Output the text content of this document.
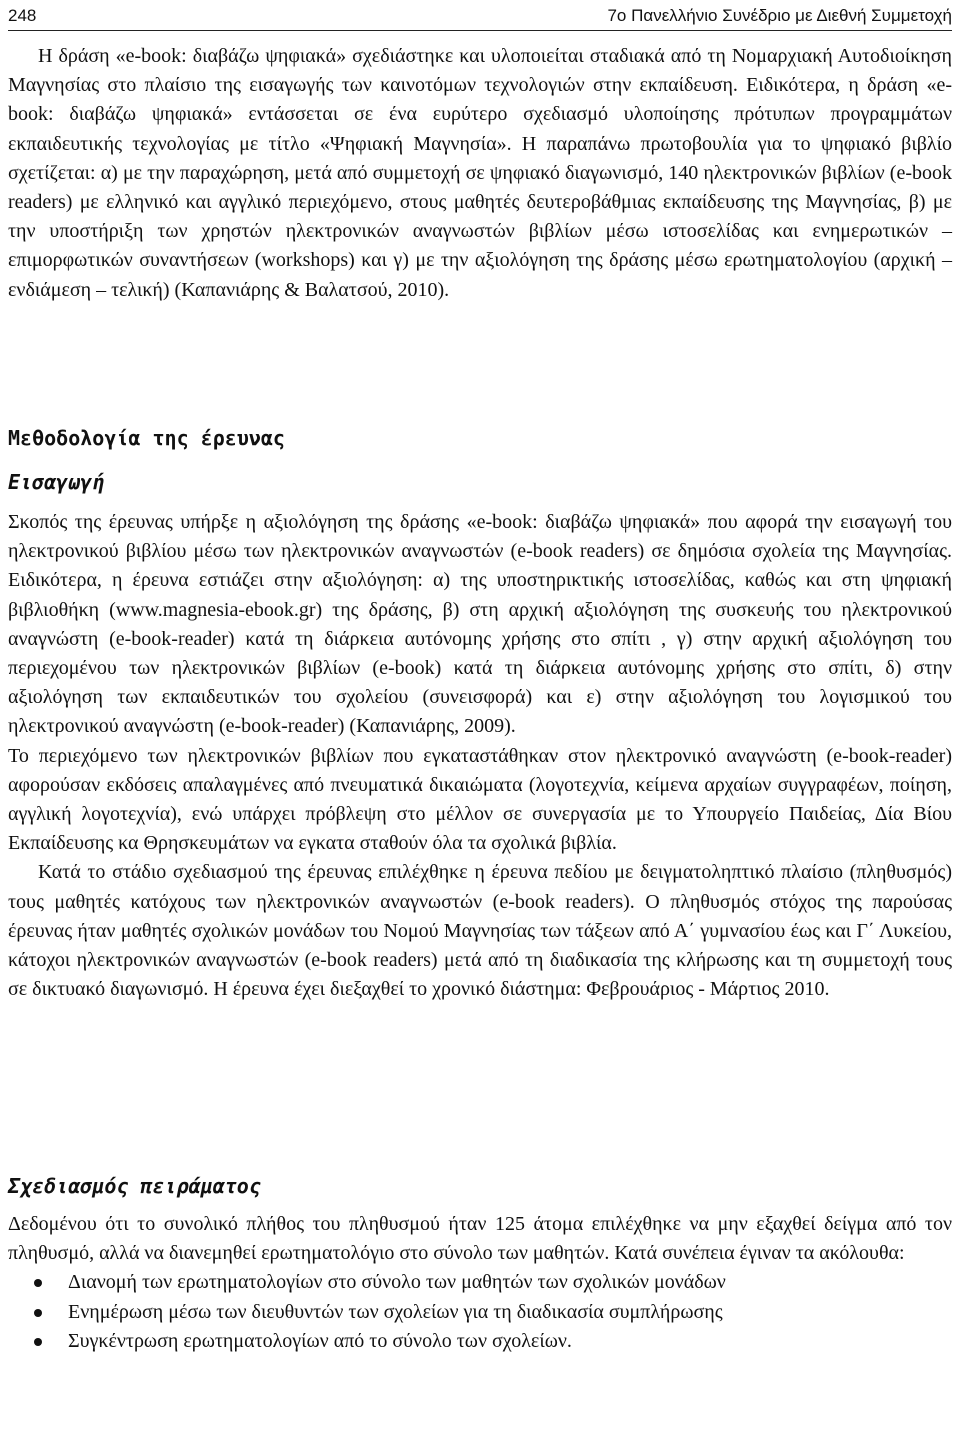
248	7ο Πανελλήνιο Συνέδριο με Διεθνή Συμμετοχή

Η δράση «e-book: διαβάζω ψηφιακά» σχεδιάστηκε και υλοποιείται σταδιακά από τη Νομαρχιακή Αυτοδιοίκηση Μαγνησίας στο πλαίσιο της εισαγωγής των καινοτόμων τεχνολογιών στην εκπαίδευση. Ειδικότερα, η δράση «e-book: διαβάζω ψηφιακά» εντάσσεται σε ένα ευρύτερο σχεδιασμό υλοποίησης πρότυπων προγραμμάτων εκπαιδευτικής τεχνολογίας με τίτλο «Ψηφιακή Μαγνησία». Η παραπάνω πρωτοβουλία για το ψηφιακό βιβλίο σχετίζεται: α) με την παραχώρηση, μετά από συμμετοχή σε ψηφιακό διαγωνισμό, 140 ηλεκτρονικών βιβλίων (e-book readers) με ελληνικό και αγγλικό περιεχόμενο, στους μαθητές δευτεροβάθμιας εκπαίδευσης της Μαγνησίας, β) με την υποστήριξη των χρηστών ηλεκτρονικών αναγνωστών βιβλίων μέσω ιστοσελίδας και ενημερωτικών – επιμορφωτικών συναντήσεων (workshops) και γ) με την αξιολόγηση της δράσης μέσω ερωτηματολογίου (αρχική – ενδιάμεση – τελική) (Καπανιάρης & Βαλατσού, 2010).

Μεθοδολογία της έρευνας
Εισαγωγή

Σκοπός της έρευνας υπήρξε η αξιολόγηση της δράσης «e-book: διαβάζω ψηφιακά» που αφορά την εισαγωγή του ηλεκτρονικού βιβλίου μέσω των ηλεκτρονικών αναγνωστών (e-book readers) σε δημόσια σχολεία της Μαγνησίας. Ειδικότερα, η έρευνα εστιάζει στην αξιολόγηση: α) της υποστηρικτικής ιστοσελίδας, καθώς και στη ψηφιακή βιβλιοθήκη (www.magnesia-ebook.gr) της δράσης, β) στη αρχική αξιολόγηση της συσκευής του ηλεκτρονικού αναγνώστη (e-book-reader) κατά τη διάρκεια αυτόνομης χρήσης στο σπίτι , γ) στην αρχική αξιολόγηση του περιεχομένου των ηλεκτρονικών βιβλίων (e-book) κατά τη διάρκεια αυτόνομης χρήσης στο σπίτι, δ) στην αξιολόγηση των εκπαιδευτικών του σχολείου (συνεισφορά) και ε) στην αξιολόγηση του λογισμικού του ηλεκτρονικού αναγνώστη (e-book-reader) (Καπανιάρης, 2009).

Το περιεχόμενο των ηλεκτρονικών βιβλίων που εγκαταστάθηκαν στον ηλεκτρονικό αναγνώστη (e-book-reader) αφορούσαν εκδόσεις απαλαγμένες από πνευματικά δικαιώματα (λογοτεχνία, κείμενα αρχαίων συγγραφέων, ποίηση, αγγλική λογοτεχνία), ενώ υπάρχει πρόβλεψη στο μέλλον σε συνεργασία με το Υπουργείο Παιδείας, Δία Βίου Εκπαίδευσης κα Θρησκευμάτων να εγκατα σταθούν όλα τα σχολικά βιβλία.

Κατά το στάδιο σχεδιασμού της έρευνας επιλέχθηκε η έρευνα πεδίου με δειγματοληπτικό πλαίσιο (πληθυσμός) τους μαθητές κατόχους των ηλεκτρονικών αναγνωστών (e-book readers). Ο πληθυσμός στόχος της παρούσας έρευνας ήταν μαθητές σχολικών μονάδων του Νομού Μαγνησίας των τάξεων από Α΄ γυμνασίου έως και Γ΄ Λυκείου, κάτοχοι ηλεκτρονικών αναγνωστών (e-book readers) μετά από τη διαδικασία της κλήρωσης και τη συμμετοχή τους σε δικτυακό διαγωνισμό. Η έρευνα έχει διεξαχθεί το χρονικό διάστημα: Φεβρουάριος - Μάρτιος 2010.

Σχεδιασμός πειράματος

Δεδομένου ότι το συνολικό πλήθος του πληθυσμού ήταν 125 άτομα επιλέχθηκε να μην εξαχθεί δείγμα από τον πληθυσμό, αλλά να διανεμηθεί ερωτηματολόγιο στο σύνολο των μαθητών. Κατά συνέπεια έγιναν τα ακόλουθα:

Διανομή των ερωτηματολογίων στο σύνολο των μαθητών των σχολικών μονάδων
Ενημέρωση μέσω των διευθυντών των σχολείων για τη διαδικασία συμπλήρωσης
Συγκέντρωση ερωτηματολογίων από το σύνολο των σχολείων.
